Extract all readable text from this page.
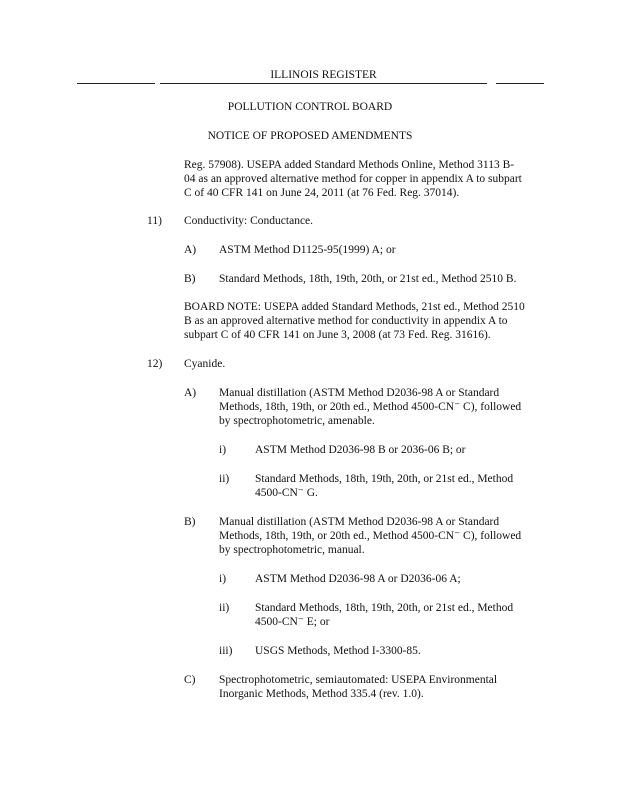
ILLINOIS REGISTER
POLLUTION CONTROL BOARD
NOTICE OF PROPOSED AMENDMENTS
Reg. 57908). USEPA added Standard Methods Online, Method 3113 B-
04 as an approved alternative method for copper in appendix A to subpart
C of 40 CFR 141 on June 24, 2011 (at 76 Fed. Reg. 37014).
11) Conductivity: Conductance.
A) ASTM Method D1125-95(1999) A; or
B) Standard Methods, 18th, 19th, 20th, or 21st ed., Method 2510 B.
BOARD NOTE: USEPA added Standard Methods, 21st ed., Method 2510
B as an approved alternative method for conductivity in appendix A to
subpart C of 40 CFR 141 on June 3, 2008 (at 73 Fed. Reg. 31616).
12) Cyanide.
A) Manual distillation (ASTM Method D2036-98 A or Standard
Methods, 18th, 19th, or 20th ed., Method 4500-CN⁻ C), followed
by spectrophotometric, amenable.
i)	ASTM Method D2036-98 B or 2036-06 B; or
ii) Standard Methods, 18th, 19th, 20th, or 21st ed., Method
4500-CN⁻ G.
B) Manual distillation (ASTM Method D2036-98 A or Standard
Methods, 18th, 19th, or 20th ed., Method 4500-CN⁻ C), followed
by spectrophotometric, manual.
i)	ASTM Method D2036-98 A or D2036-06 A;
ii) Standard Methods, 18th, 19th, 20th, or 21st ed., Method
4500-CN⁻ E; or
iii) USGS Methods, Method I-3300-85.
C) Spectrophotometric, semiautomated: USEPA Environmental
Inorganic Methods, Method 335.4 (rev. 1.0).
